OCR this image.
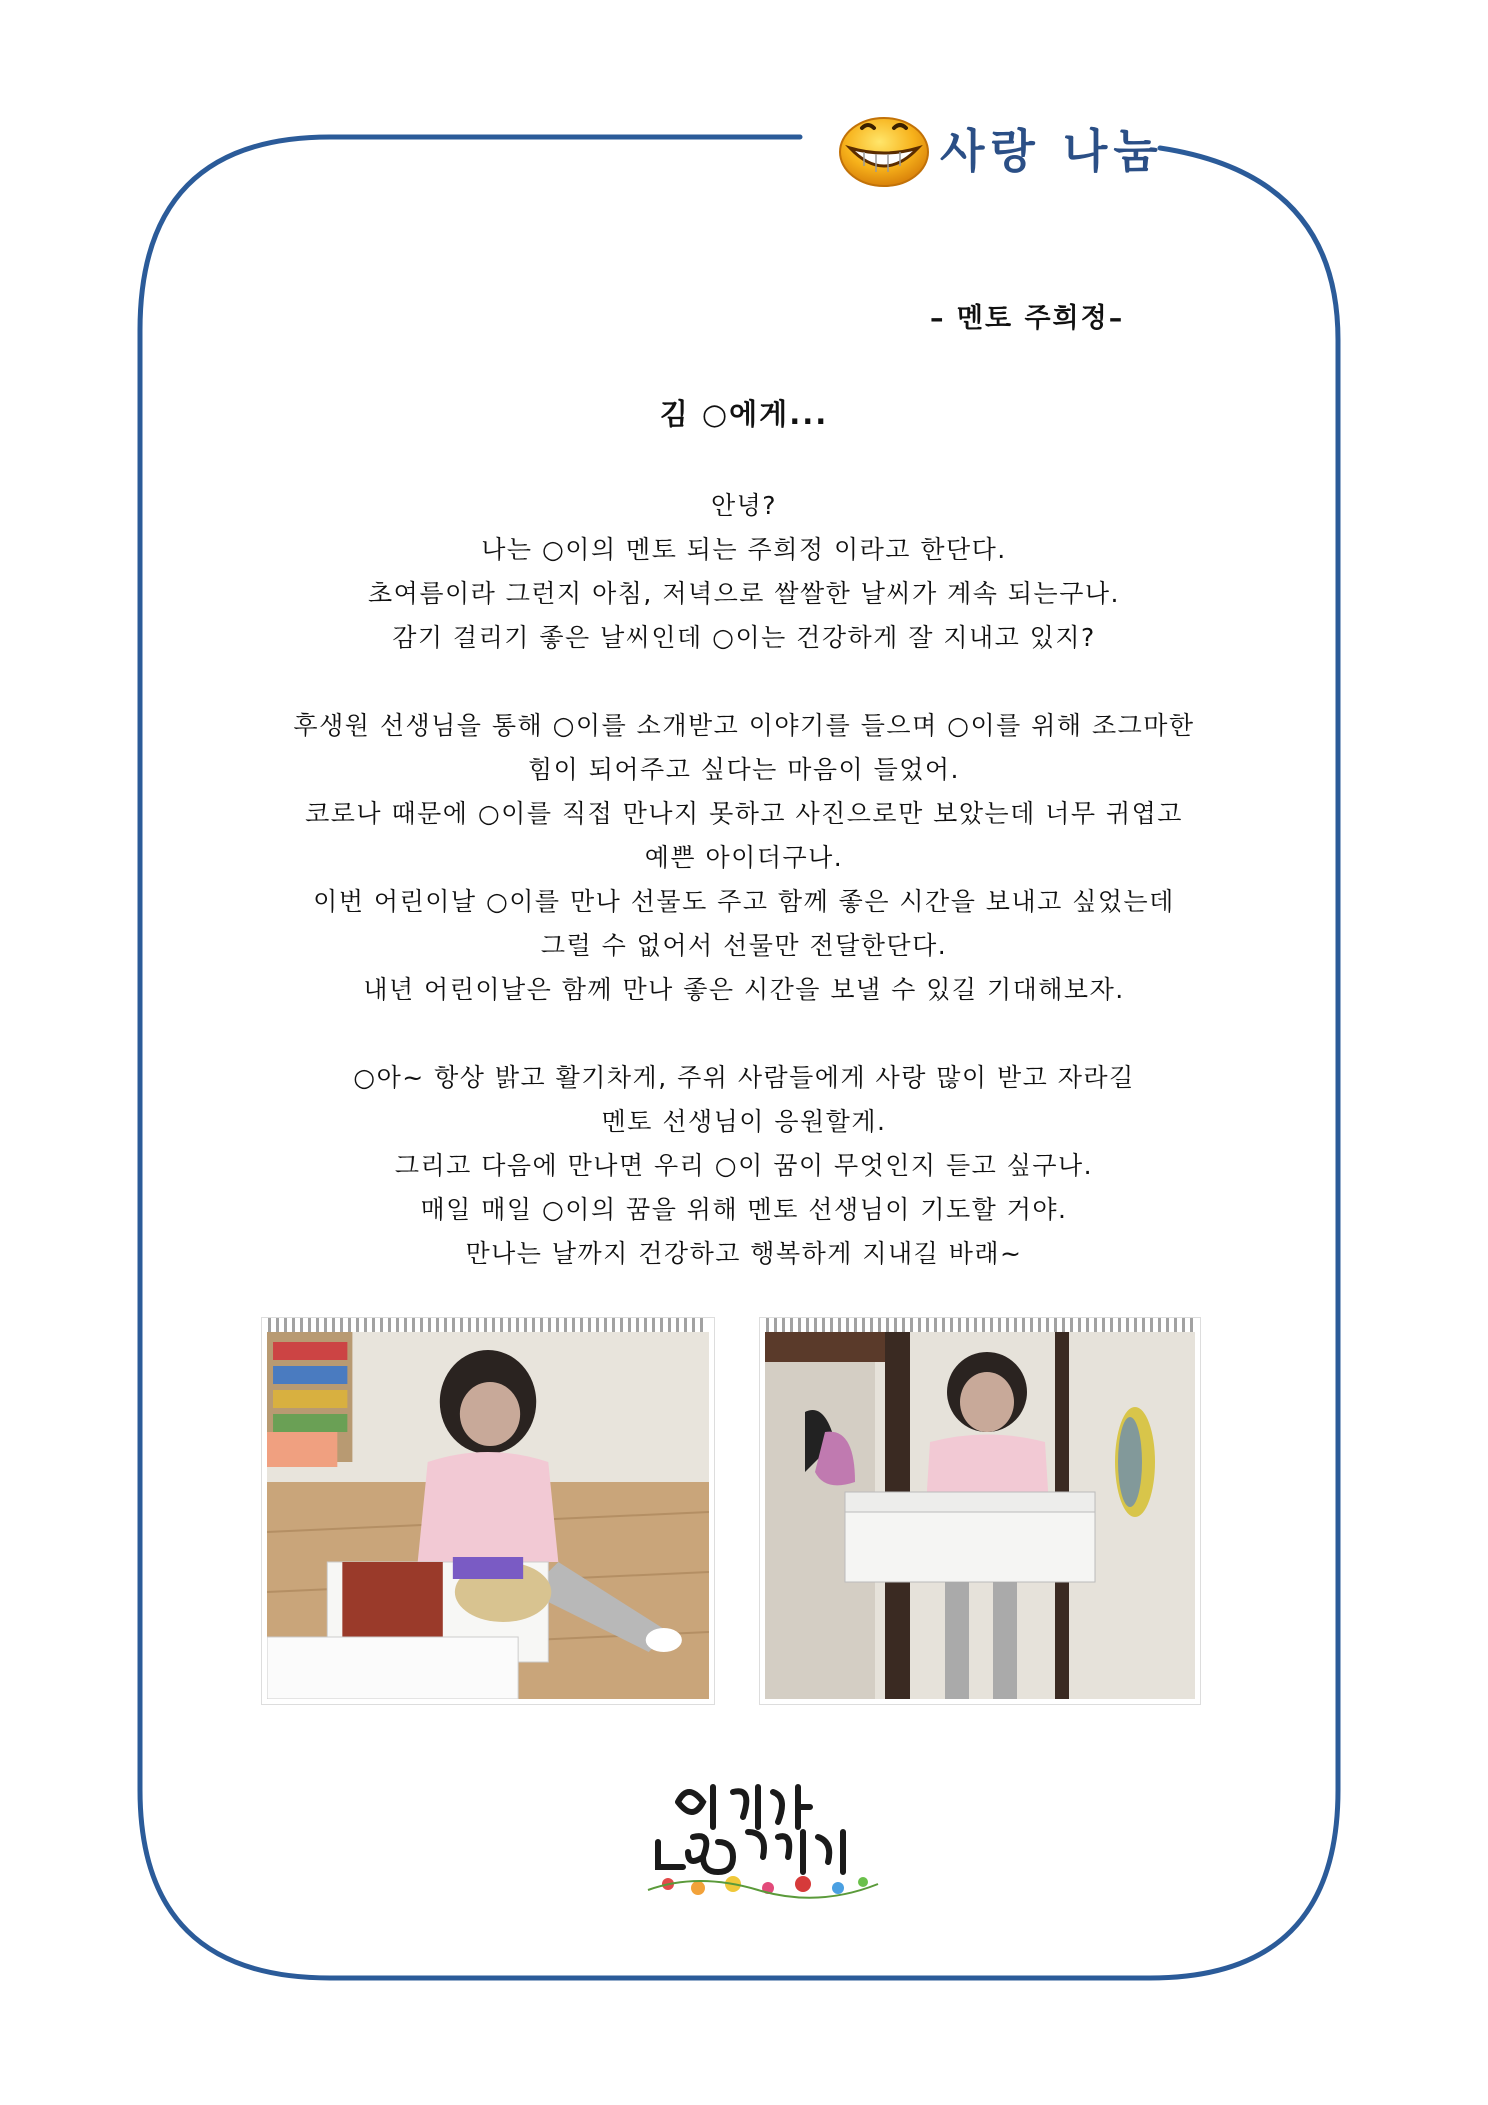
사랑 나눔
– 멘토 주희정–
김 ○에게...
안녕?
나는 ○이의 멘토 되는 주희정 이라고 한단다.
초여름이라 그런지 아침, 저녁으로 쌀쌀한 날씨가 계속 되는구나.
감기 걸리기 좋은 날씨인데 ○이는 건강하게 잘 지내고 있지?
후생원 선생님을 통해 ○이를 소개받고 이야기를 들으며 ○이를 위해 조그마한
힘이 되어주고 싶다는 마음이 들었어.
코로나 때문에 ○이를 직접 만나지 못하고 사진으로만 보았는데 너무 귀엽고
예쁜 아이더구나.
이번 어린이날 ○이를 만나 선물도 주고 함께 좋은 시간을 보내고 싶었는데
그럴 수 없어서 선물만 전달한단다.
내년 어린이날은 함께 만나 좋은 시간을 보낼 수 있길 기대해보자.
○아~ 항상 밝고 활기차게, 주위 사람들에게 사랑 많이 받고 자라길
멘토 선생님이 응원할게.
그리고 다음에 만나면 우리 ○이 꿈이 무엇인지 듣고 싶구나.
매일 매일 ○이의 꿈을 위해 멘토 선생님이 기도할 거야.
만나는 날까지 건강하고 행복하게 지내길 바래~
